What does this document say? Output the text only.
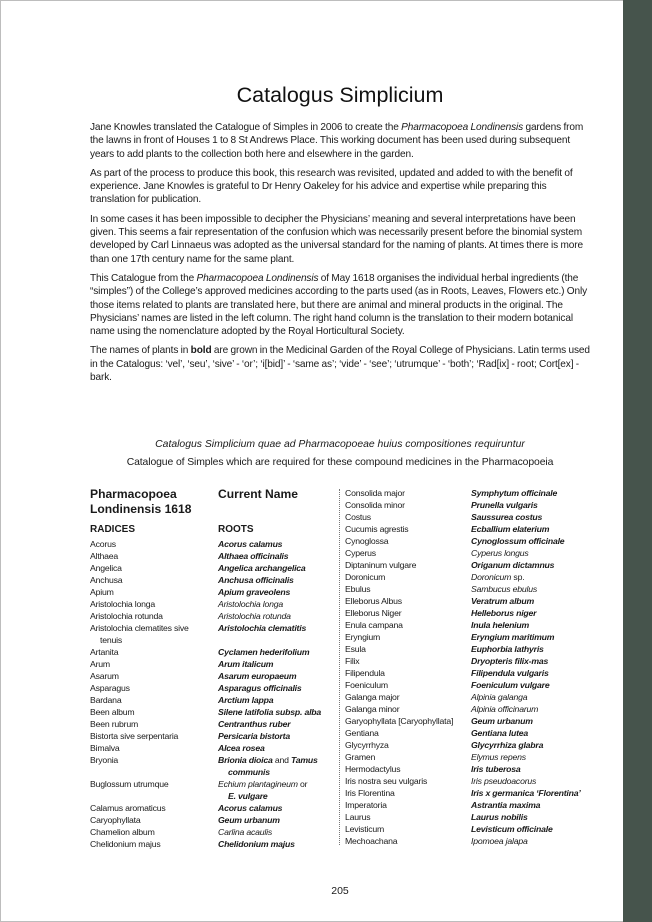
Catalogus Simplicium

Jane Knowles translated the Catalogue of Simples in 2006 to create the Pharmacopoea Londinensis gardens from the lawns in front of Houses 1 to 8 St Andrews Place. This working document has been used during subsequent years to add plants to the collection both here and elsewhere in the garden.

As part of the process to produce this book, this research was revisited, updated and added to with the benefit of experience. Jane Knowles is grateful to Dr Henry Oakeley for his advice and expertise while preparing this translation for publication.

In some cases it has been impossible to decipher the Physicians’ meaning and several interpretations have been given. This seems a fair representation of the confusion which was necessarily present before the binomial system developed by Carl Linnaeus was adopted as the universal standard for the naming of plants. At times there is more than one 17th century name for the same plant.

This Catalogue from the Pharmacopoea Londinensis of May 1618 organises the individual herbal ingredients (the “simples”) of the College’s approved medicines according to the parts used (as in Roots, Leaves, Flowers etc.) Only those items related to plants are translated here, but there are animal and mineral products in the original. The Physicians’ names are listed in the left column. The right hand column is the translation to their modern botanical name using the nomenclature adopted by the Royal Horticultural Society.

The names of plants in bold are grown in the Medicinal Garden of the Royal College of Physicians. Latin terms used in the Catalogus: ‘vel’, ‘seu’, ‘sive’ - ‘or’; ‘i[bid]’ - ‘same as’; ‘vide’ - ‘see’; ‘utrumque’ - ‘both’; ‘Rad[ix] - root; Cort[ex] - bark.

Catalogus Simplicium quae ad Pharmacopoeae huius compositiones requiruntur
Catalogue of Simples which are required for these compound medicines in the Pharmacopoeia
Pharmacopoea
Londinensis 1618
Current Name
RADICES	ROOTS
Acorus
Althaea
Angelica
Anchusa
Apium
Aristolochia longa
Aristolochia rotunda
Aristolochia clematites sive
tenuis
Artanita
Arum
Asarum
Asparagus
Bardana
Been album
Been rubrum
Bistorta sive serpentaria
Bimalva
Bryonia
Buglossum utrumque
Calamus aromaticus
Caryophyllata
Chamelion album
Chelidonium majus
Acorus calamus
Althaea officinalis
Angelica archangelica
Anchusa officinalis
Apium graveolens
Aristolochia longa
Aristolochia rotunda
Aristolochia clematitis
Cyclamen hederifolium
Arum italicum
Asarum europaeum
Asparagus officinalis
Arctium lappa
Silene latifolia subsp. alba
Centranthus ruber
Persicaria bistorta
Alcea rosea
Brionia dioica and Tamus
communis
Echium plantagineum or
E. vulgare
Acorus calamus
Geum urbanum
Carlina acaulis
Chelidonium majus
Consolida major
Consolida minor
Costus
Cucumis agrestis
Cynoglossa
Cyperus
Diptaninum vulgare
Doronicum
Ebulus
Elleborus Albus
Elleborus Niger
Enula campana
Eryngium
Esula
Filix
Filipendula
Foeniculum
Galanga major
Galanga minor
Garyophyllata [Caryophyllata]
Gentiana
Glycyrrhyza
Gramen
Hermodactylus
Iris nostra seu vulgaris
Iris Florentina
Imperatoria
Laurus
Levisticum
Mechoachana
Symphytum officinale
Prunella vulgaris
Saussurea costus
Ecballium elaterium
Cynoglossum officinale
Cyperus longus
Origanum dictamnus
Doronicum sp.
Sambucus ebulus
Veratrum album
Helleborus niger
Inula helenium
Eryngium maritimum
Euphorbia lathyris
Dryopteris filix-mas
Filipendula vulgaris
Foeniculum vulgare
Alpinia galanga
Alpinia officinarum
Geum urbanum
Gentiana lutea
Glycyrrhiza glabra
Elymus repens
Iris tuberosa
Iris pseudoacorus
Iris x germanica ‘Florentina’
Astrantia maxima
Laurus nobilis
Levisticum officinale
Ipomoea jalapa
205
